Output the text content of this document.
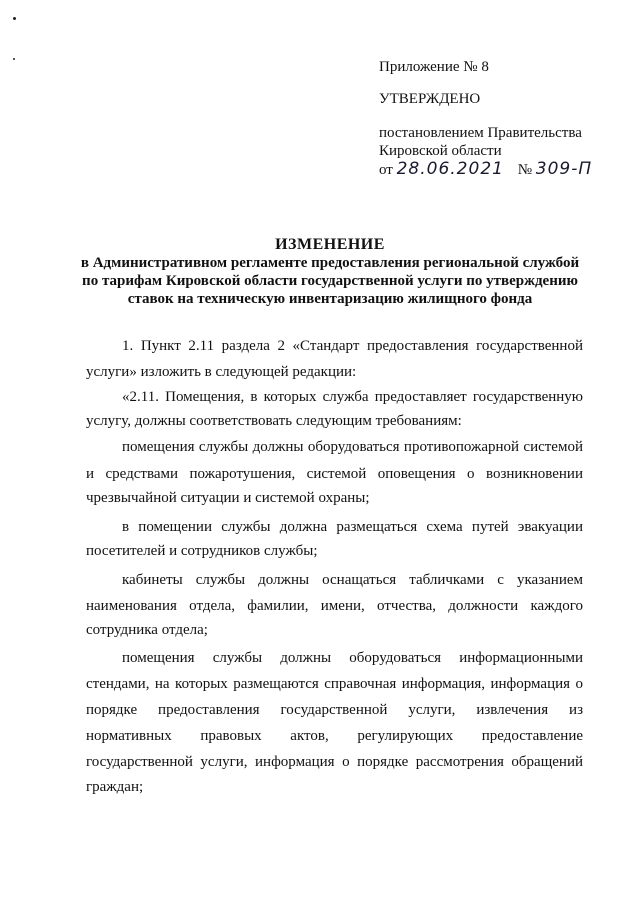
Приложение № 8
УТВЕРЖДЕНО
постановлением Правительства
Кировской области
от 28.06.2021 № 309-П
ИЗМЕНЕНИЕ
в Административном регламенте предоставления региональной службой
по тарифам Кировской области государственной услуги по утверждению
ставок на техническую инвентаризацию жилищного фонда
1. Пункт 2.11 раздела 2 «Стандарт предоставления государственной
услуги» изложить в следующей редакции:
«2.11. Помещения, в которых служба предоставляет государственную
услугу, должны соответствовать следующим требованиям:
помещения службы должны оборудоваться противопожарной системой
и средствами пожаротушения, системой оповещения о возникновении
чрезвычайной ситуации и системой охраны;
в помещении службы должна размещаться схема путей эвакуации
посетителей и сотрудников службы;
кабинеты службы должны оснащаться табличками с указанием
наименования отдела, фамилии, имени, отчества, должности каждого
сотрудника отдела;
помещения службы должны оборудоваться информационными
стендами, на которых размещаются справочная информация, информация о
порядке предоставления государственной услуги, извлечения из
нормативных правовых актов, регулирующих предоставление
государственной услуги, информация о порядке рассмотрения обращений
граждан;
